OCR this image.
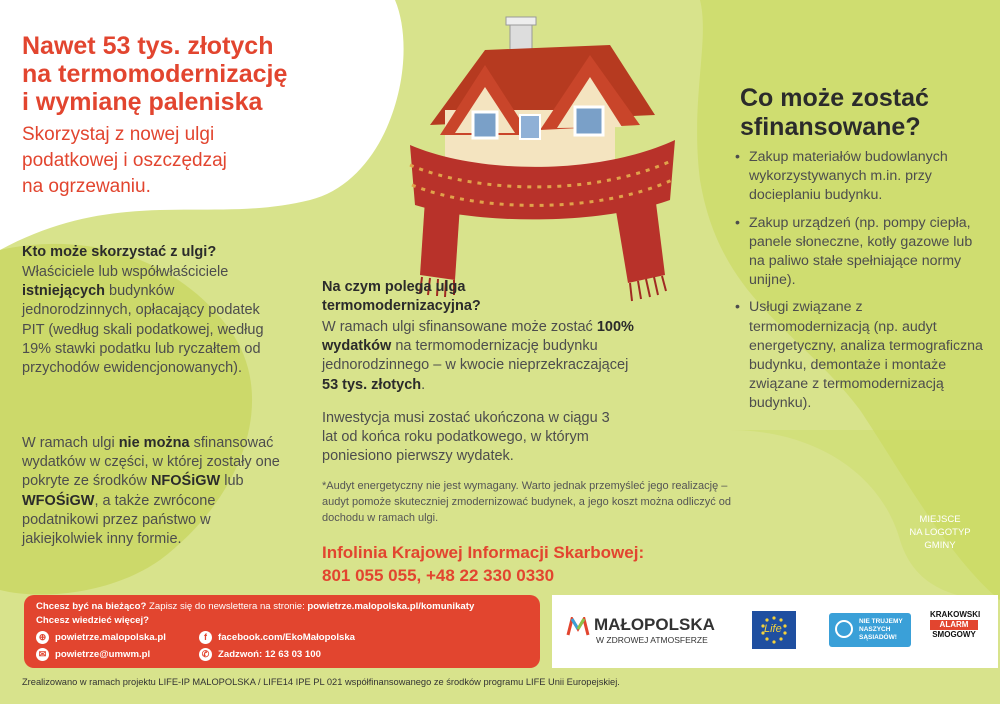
Nawet 53 tys. złotych
na termomodernizację
i wymianę paleniska
Skorzystaj z nowej ulgi
podatkowej i oszczędzaj
na ogrzewaniu.
Kto może skorzystać z ulgi?
Właściciele lub współwłaściciele istniejących budynków jednorodzinnych, opłacający podatek PIT (według skali podatkowej, według 19% stawki podatku lub ryczałtem od przychodów ewidencjonowanych).
W ramach ulgi nie można sfinansować wydatków w części, w której zostały one pokryte ze środków NFOŚiGW lub WFOŚiGW, a także zwrócone podatnikowi przez państwo w jakiejkolwiek inny formie.
Na czym polega ulga termomodernizacyjna?
W ramach ulgi sfinansowane może zostać 100% wydatków na termomodernizację budynku jednorodzinnego – w kwocie nieprzekraczającej 53 tys. złotych.
Inwestycja musi zostać ukończona w ciągu 3 lat od końca roku podatkowego, w którym poniesiono pierwszy wydatek.
*Audyt energetyczny nie jest wymagany. Warto jednak przemyśleć jego realizację – audyt pomoże skuteczniej zmodernizować budynek, a jego koszt można odliczyć od dochodu w ramach ulgi.
Infolinia Krajowej Informacji Skarbowej:
801 055 055, +48 22 330 0330
Co może zostać
sfinansowane?
• Zakup materiałów budowlanych wykorzystywanych m.in. przy docieplaniu budynku.
• Zakup urządzeń (np. pompy ciepła, panele słoneczne, kotły gazowe lub na paliwo stałe spełniające normy unijne).
• Usługi związane z termomodernizacją (np. audyt energetyczny, analiza termograficzna budynku, demontaże i montaże związane z termomodernizacją budynku).
MIEJSCE
NA LOGOTYP
GMINY
Chcesz być na bieżąco? Zapisz się do newslettera na stronie: powietrze.malopolska.pl/komunikaty
Chcesz wiedzieć więcej?
⊕ powietrze.malopolska.pl	f facebook.com/EkoMałopolska
✉ powietrze@umwm.pl	✆ Zadzwoń: 12 63 03 100
MAŁOPOLSKA
W ZDROWEJ ATMOSFERZE
Life
NIE TRUJEMY
NASZYCH
SĄSIADÓW!
KRAKOWSKI
ALARM
SMOGOWY
Zrealizowano w ramach projektu LIFE-IP MALOPOLSKA / LIFE14 IPE PL 021 współfinansowanego ze środków programu LIFE Unii Europejskiej.
